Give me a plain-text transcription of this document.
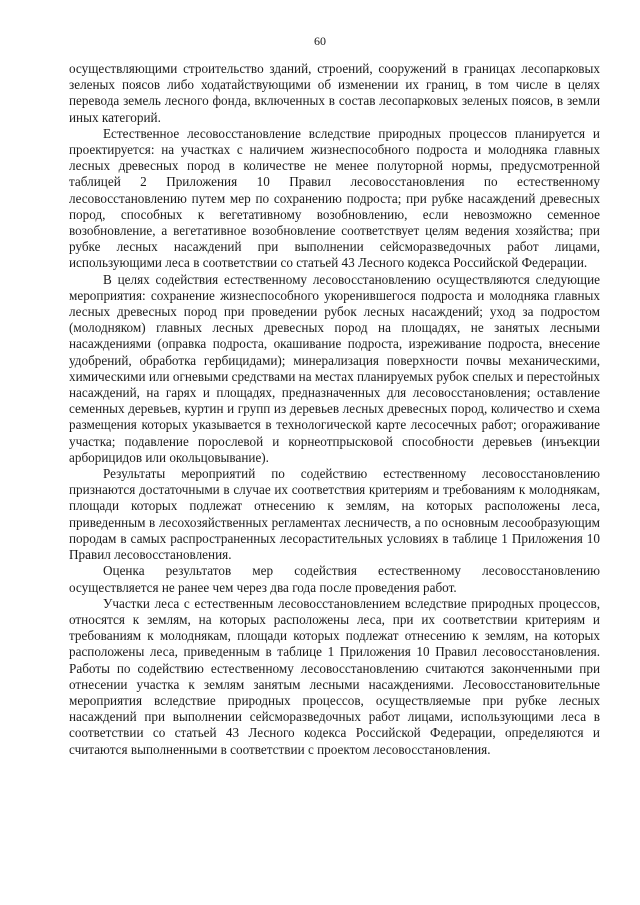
60

осуществляющими строительство зданий, строений, сооружений в границах лесопарковых зеленых поясов либо ходатайствующими об изменении их границ, в том числе в целях перевода земель лесного фонда, включенных в состав лесопарковых зеленых поясов, в земли иных категорий.

Естественное лесовосстановление вследствие природных процессов планируется и проектируется: на участках с наличием жизнеспособного подроста и молодняка главных лесных древесных пород в количестве не менее полуторной нормы, предусмотренной таблицей 2 Приложения 10 Правил лесовосстановления по естественному лесовосстановлению путем мер по сохранению подроста; при рубке насаждений древесных пород, способных к вегетативному возобновлению, если невозможно семенное возобновление, а вегетативное возобновление соответствует целям ведения хозяйства; при рубке лесных насаждений при выполнении сейсморазведочных работ лицами, использующими леса в соответствии со статьей 43 Лесного кодекса Российской Федерации.

В целях содействия естественному лесовосстановлению осуществляются следующие мероприятия: сохранение жизнеспособного укоренившегося подроста и молодняка главных лесных древесных пород при проведении рубок лесных насаждений; уход за подростом (молодняком) главных лесных древесных пород на площадях, не занятых лесными насаждениями (оправка подроста, окашивание подроста, изреживание подроста, внесение удобрений, обработка гербицидами); минерализация поверхности почвы механическими, химическими или огневыми средствами на местах планируемых рубок спелых и перестойных насаждений, на гарях и площадях, предназначенных для лесовосстановления; оставление семенных деревьев, куртин и групп из деревьев лесных древесных пород, количество и схема размещения которых указывается в технологической карте лесосечных работ; огораживание участка; подавление порослевой и корнеотпрысковой способности деревьев (инъекции арборицидов или окольцовывание).

Результаты мероприятий по содействию естественному лесовосстановлению признаются достаточными в случае их соответствия критериям и требованиям к молоднякам, площади которых подлежат отнесению к землям, на которых расположены леса, приведенным в лесохозяйственных регламентах лесничеств, а по основным лесообразующим породам в самых распространенных лесорастительных условиях в таблице 1 Приложения 10 Правил лесовосстановления.

Оценка результатов мер содействия естественному лесовосстановлению осуществляется не ранее чем через два года после проведения работ.

Участки леса с естественным лесовосстановлением вследствие природных процессов, относятся к землям, на которых расположены леса, при их соответствии критериям и требованиям к молоднякам, площади которых подлежат отнесению к землям, на которых расположены леса, приведенным в таблице 1 Приложения 10 Правил лесовосстановления. Работы по содействию естественному лесовосстановлению считаются законченными при отнесении участка к землям занятым лесными насаждениями. Лесовосстановительные мероприятия вследствие природных процессов, осуществляемые при рубке лесных насаждений при выполнении сейсморазведочных работ лицами, использующими леса в соответствии со статьей 43 Лесного кодекса Российской Федерации, определяются и считаются выполненными в соответствии с проектом лесовосстановления.
